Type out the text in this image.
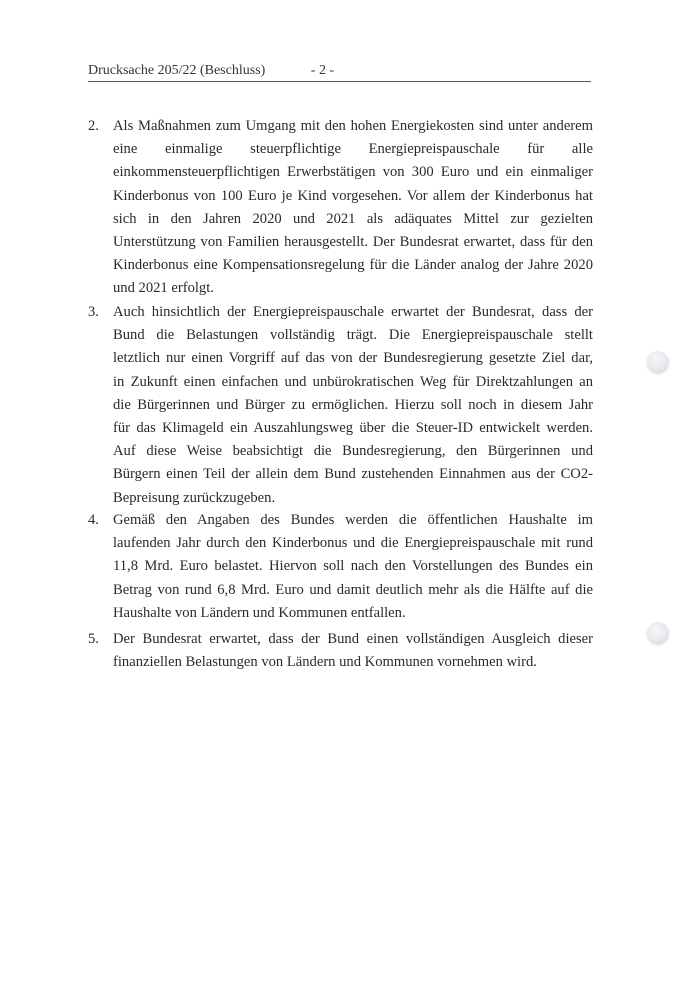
Drucksache 205/22 (Beschluss)	- 2 -
2. Als Maßnahmen zum Umgang mit den hohen Energiekosten sind unter anderem
eine einmalige steuerpflichtige Energiepreispauschale für alle
einkommensteuerpflichtigen Erwerbstätigen von 300 Euro und ein einmaliger
Kinderbonus von 100 Euro je Kind vorgesehen. Vor allem der Kinderbonus hat
sich in den Jahren 2020 und 2021 als adäquates Mittel zur gezielten
Unterstützung von Familien herausgestellt. Der Bundesrat erwartet, dass für den
Kinderbonus eine Kompensationsregelung für die Länder analog der Jahre 2020
und 2021 erfolgt.
3. Auch hinsichtlich der Energiepreispauschale erwartet der Bundesrat, dass der
Bund die Belastungen vollständig trägt. Die Energiepreispauschale stellt
letztlich nur einen Vorgriff auf das von der Bundesregierung gesetzte Ziel dar,
in Zukunft einen einfachen und unbürokratischen Weg für Direktzahlungen an
die Bürgerinnen und Bürger zu ermöglichen. Hierzu soll noch in diesem Jahr
für das Klimageld ein Auszahlungsweg über die Steuer-ID entwickelt werden.
Auf diese Weise beabsichtigt die Bundesregierung, den Bürgerinnen und
Bürgern einen Teil der allein dem Bund zustehenden Einnahmen aus der CO2-
Bepreisung zurückzugeben.
4. Gemäß den Angaben des Bundes werden die öffentlichen Haushalte im
laufenden Jahr durch den Kinderbonus und die Energiepreispauschale mit rund
11,8 Mrd. Euro belastet. Hiervon soll nach den Vorstellungen des Bundes ein
Betrag von rund 6,8 Mrd. Euro und damit deutlich mehr als die Hälfte auf die
Haushalte von Ländern und Kommunen entfallen.
5. Der Bundesrat erwartet, dass der Bund einen vollständigen Ausgleich dieser
finanziellen Belastungen von Ländern und Kommunen vornehmen wird.
